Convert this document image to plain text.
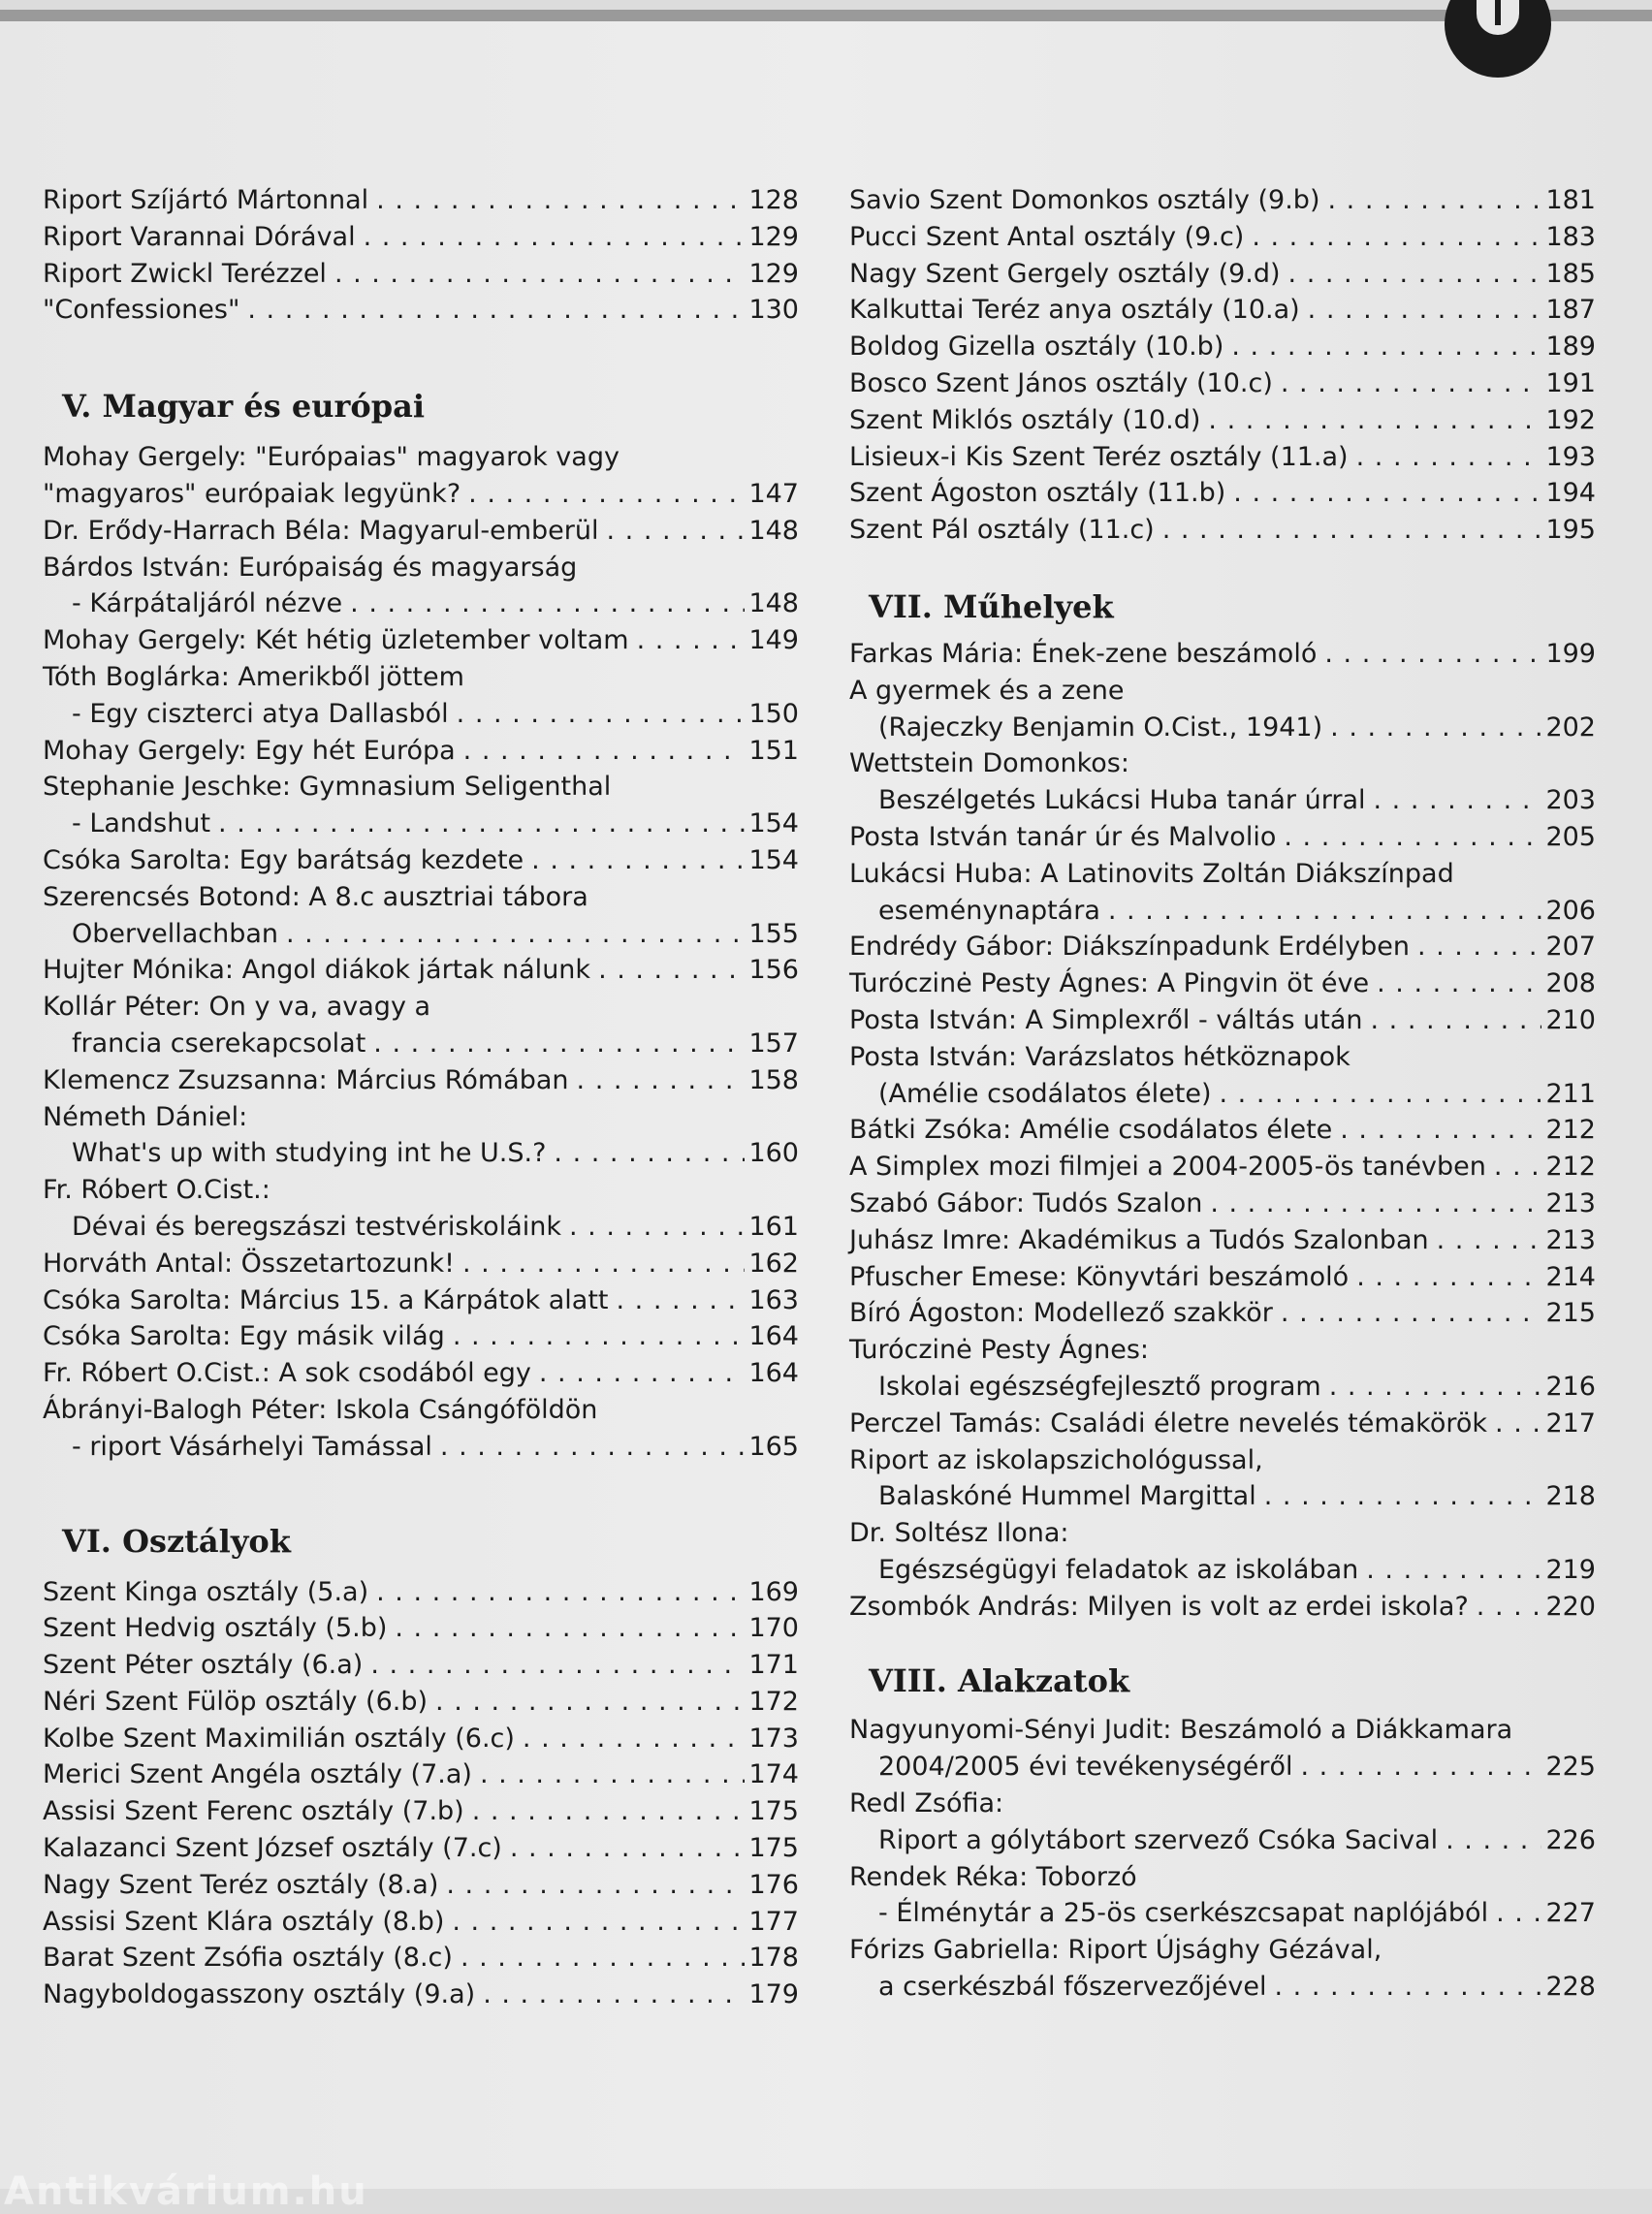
Riport Szíjártó Mártonnal . . .	128
Riport Varannai Dórával . . .	129
Riport Zwickl Terézzel . . .	129
"Confessiones" . . .	130
V. Magyar és európai
Mohay Gergely: "Európaias" magyarok vagy
"magyaros" európaiak legyünk? . . .	147
Dr. Erődy-Harrach Béla: Magyarul-emberül . . .	148
Bárdos István: Európaiság és magyarság
- Kárpátaljáról nézve . . .	148
Mohay Gergely: Két hétig üzletember voltam . . .	149
Tóth Boglárka: Amerikből jöttem
- Egy ciszterci atya Dallasból . . .	150
Mohay Gergely: Egy hét Európa . . .	151
Stephanie Jeschke: Gymnasium Seligenthal
- Landshut . . .	154
Csóka Sarolta: Egy barátság kezdete . . .	154
Szerencsés Botond: A 8.c ausztriai tábora
Obervellachban . . .	155
Hujter Mónika: Angol diákok jártak nálunk . . .	156
Kollár Péter: On y va, avagy a
francia cserekapcsolat . . .	157
Klemencz Zsuzsanna: Március Rómában . . .	158
Németh Dániel:
What's up with studying int he U.S.? . . .	160
Fr. Róbert O.Cist.:
Dévai és beregszászi testvériskoláink . . .	161
Horváth Antal: Összetartozunk! . . .	162
Csóka Sarolta: Március 15. a Kárpátok alatt . . .	163
Csóka Sarolta: Egy másik világ . . .	164
Fr. Róbert O.Cist.: A sok csodából egy . . .	164
Ábrányi-Balogh Péter: Iskola Csángóföldön
- riport Vásárhelyi Tamással . . .	165
VI. Osztályok
Szent Kinga osztály (5.a) . . .	169
Szent Hedvig osztály (5.b) . . .	170
Szent Péter osztály (6.a) . . .	171
Néri Szent Fülöp osztály (6.b) . . .	172
Kolbe Szent Maximilián osztály (6.c) . . .	173
Merici Szent Angéla osztály (7.a) . . .	174
Assisi Szent Ferenc osztály (7.b) . . .	175
Kalazanci Szent József osztály (7.c) . . .	175
Nagy Szent Teréz osztály (8.a) . . .	176
Assisi Szent Klára osztály (8.b) . . .	177
Barat Szent Zsófia osztály (8.c) . . .	178
Nagyboldogasszony osztály (9.a) . . .	179
Savio Szent Domonkos osztály (9.b) . . .	181
Pucci Szent Antal osztály (9.c) . . .	183
Nagy Szent Gergely osztály (9.d) . . .	185
Kalkuttai Teréz anya osztály (10.a) . . .	187
Boldog Gizella osztály (10.b) . . .	189
Bosco Szent János osztály (10.c) . . .	191
Szent Miklós osztály (10.d) . . .	192
Lisieux-i Kis Szent Teréz osztály (11.a) . . .	193
Szent Ágoston osztály (11.b) . . .	194
Szent Pál osztály (11.c) . . .	195
VII. Műhelyek
Farkas Mária: Ének-zene beszámoló . . .	199
A gyermek és a zene
(Rajeczky Benjamin O.Cist., 1941) . . .	202
Wettstein Domonkos:
Beszélgetés Lukácsi Huba tanár úrral . . .	203
Posta István tanár úr és Malvolio . . .	205
Lukácsi Huba: A Latinovits Zoltán Diákszínpad
eseménynaptára . . .	206
Endrédy Gábor: Diákszínpadunk Erdélyben . . .	207
Turóczinė Pesty Ágnes: A Pingvin öt éve . . .	208
Posta István: A Simplexről - váltás után . . .	210
Posta István: Varázslatos hétköznapok
(Amélie csodálatos élete) . . .	211
Bátki Zsóka: Amélie csodálatos élete . . .	212
A Simplex mozi filmjei a 2004-2005-ös tanévben . . . 212
Szabó Gábor: Tudós Szalon . . .	213
Juhász Imre: Akadémikus a Tudós Szalonban . . .	213
Pfuscher Emese: Könyvtári beszámoló . . .	214
Bíró Ágoston: Modellező szakkör . . .	215
Turóczinė Pesty Ágnes:
Iskolai egészségfejlesztő program . . .	216
Perczel Tamás: Családi életre nevelés témakörök . . . 217
Riport az iskolapszichológussal,
Balaskóné Hummel Margittal . . .	218
Dr. Soltész Ilona:
Egészségügyi feladatok az iskolában . . .	219
Zsombók András: Milyen is volt az erdei iskola? . . .	220
VIII. Alakzatok
Nagyunyomi-Sényi Judit: Beszámoló a Diákkamara
2004/2005 évi tevékenységéről . . .	225
Redl Zsófia:
Riport a gólytábort szervező Csóka Sacival . . .	226
Rendek Réka: Toborzó
- Élménytár a 25-ös cserkészcsapat naplójából . . . 227
Fórizs Gabriella: Riport Újsághy Gézával,
a cserkészbál főszervezőjével . . .	228
Antikvárium.hu
